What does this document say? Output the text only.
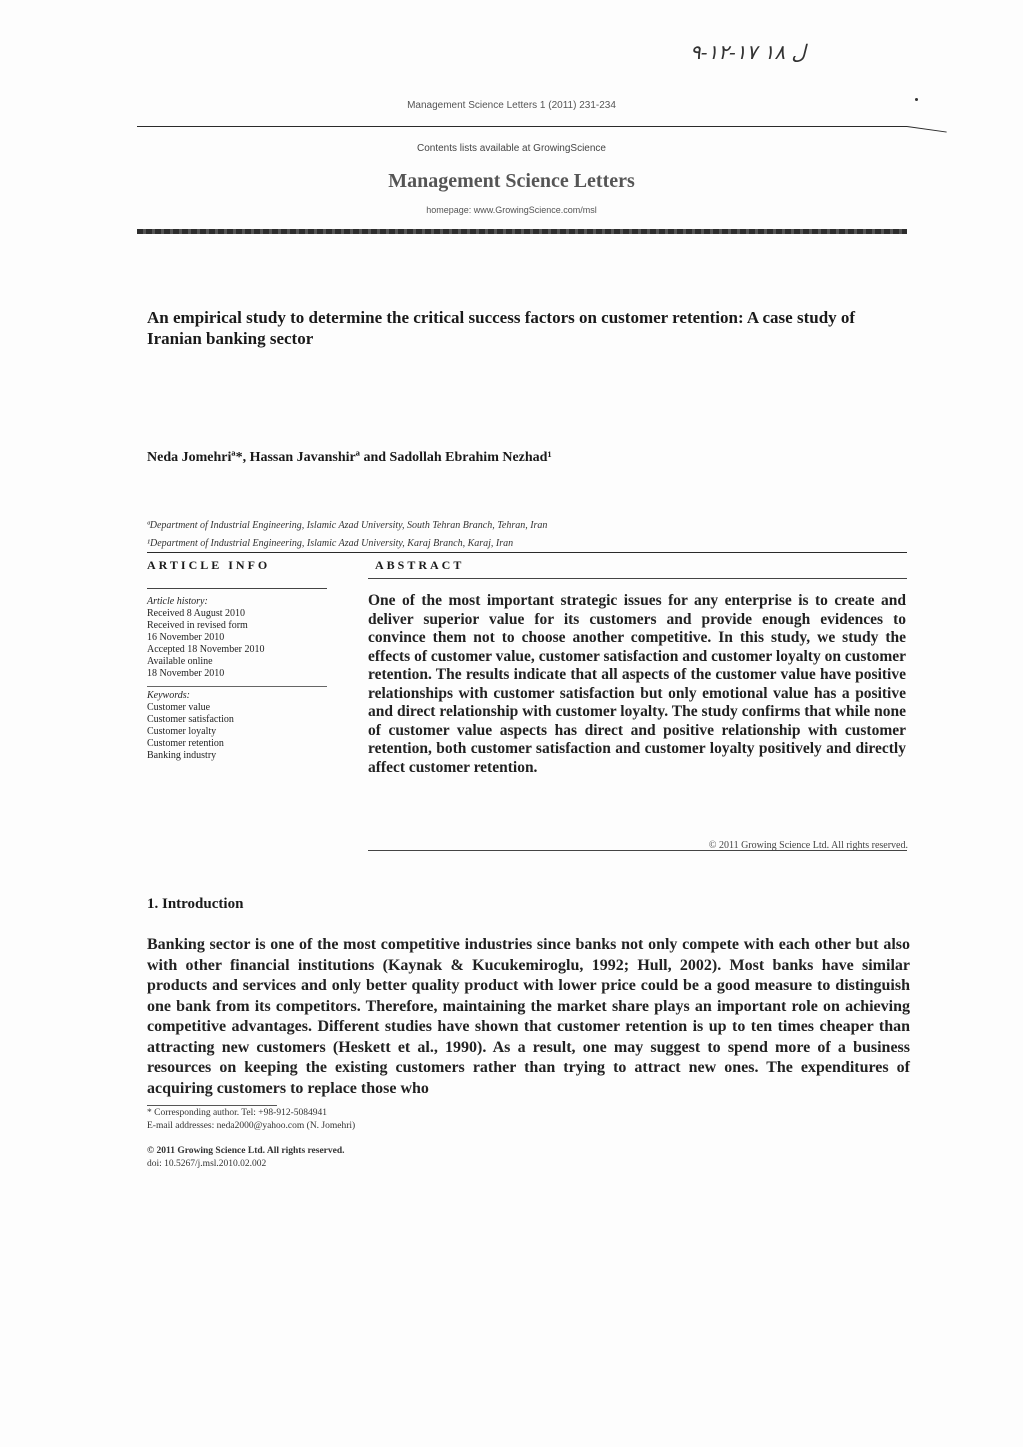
۹-۱۲-۱۷ ل ۱۸
Management Science Letters 1 (2011) 231-234
Contents lists available at GrowingScience
Management Science Letters
homepage: www.GrowingScience.com/msl
An empirical study to determine the critical success factors on customer retention: A case study of Iranian banking sector
Neda Jomehriª*, Hassan Javanshirª and Sadollah Ebrahim Nezhad¹
ªDepartment of Industrial Engineering, Islamic Azad University, South Tehran Branch, Tehran, Iran
¹Department of Industrial Engineering, Islamic Azad University, Karaj Branch, Karaj, Iran
ARTICLE INFO	ABSTRACT
Article history:
Received 8 August 2010
Received in revised form
16 November 2010
Accepted 18 November 2010
Available online
18 November 2010
Keywords:
Customer value
Customer satisfaction
Customer loyalty
Customer retention
Banking industry
One of the most important strategic issues for any enterprise is to create and deliver superior value for its customers and provide enough evidences to convince them not to choose another competitive. In this study, we study the effects of customer value, customer satisfaction and customer loyalty on customer retention. The results indicate that all aspects of the customer value have positive relationships with customer satisfaction but only emotional value has a positive and direct relationship with customer loyalty. The study confirms that while none of customer value aspects has direct and positive relationship with customer retention, both customer satisfaction and customer loyalty positively and directly affect customer retention.
© 2011 Growing Science Ltd. All rights reserved.
1. Introduction
Banking sector is one of the most competitive industries since banks not only compete with each other but also with other financial institutions (Kaynak & Kucukemiroglu, 1992; Hull, 2002). Most banks have similar products and services and only better quality product with lower price could be a good measure to distinguish one bank from its competitors. Therefore, maintaining the market share plays an important role on achieving competitive advantages. Different studies have shown that customer retention is up to ten times cheaper than attracting new customers (Heskett et al., 1990). As a result, one may suggest to spend more of a business resources on keeping the existing customers rather than trying to attract new ones. The expenditures of acquiring customers to replace those who
* Corresponding author. Tel: +98-912-5084941
E-mail addresses: neda2000@yahoo.com (N. Jomehri)
© 2011 Growing Science Ltd. All rights reserved.
doi: 10.5267/j.msl.2010.02.002
